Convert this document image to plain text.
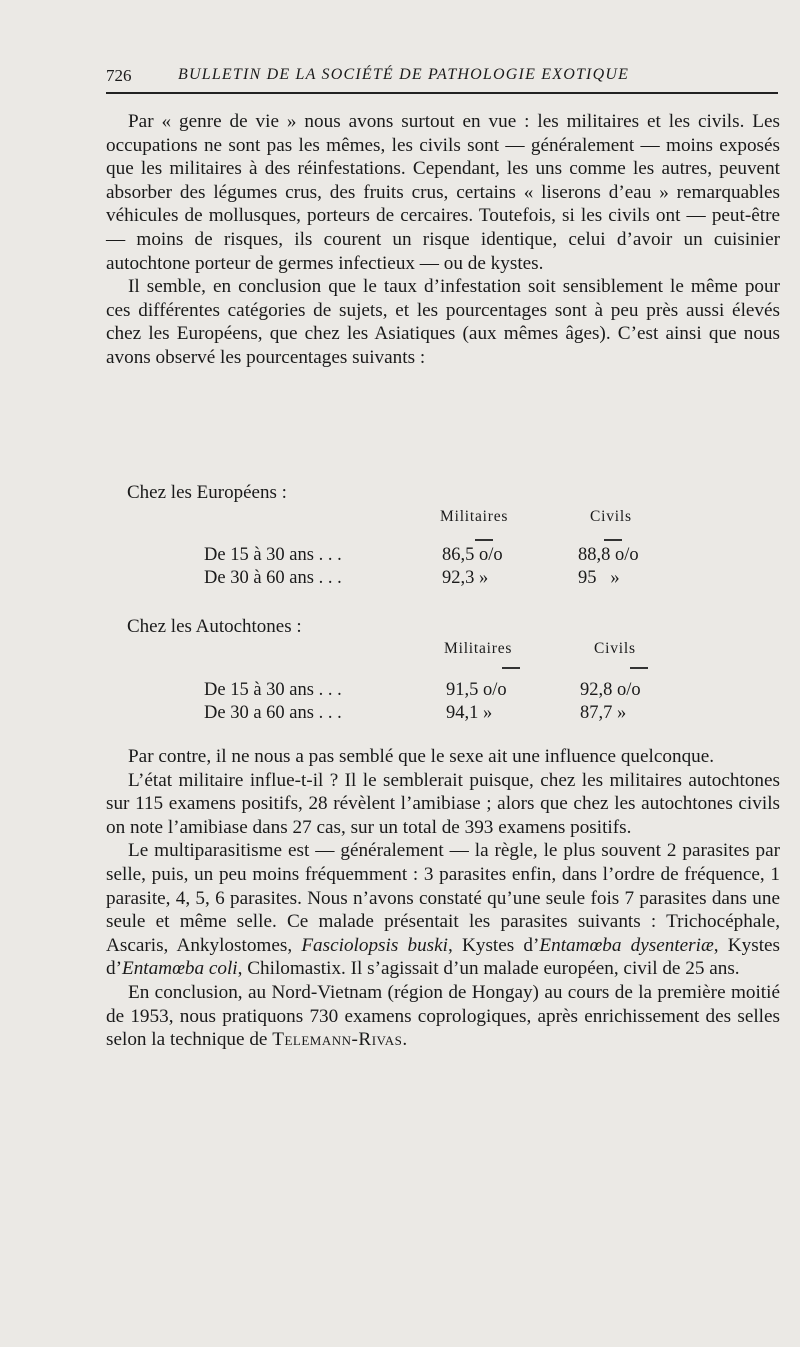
726	BULLETIN DE LA SOCIÉTÉ DE PATHOLOGIE EXOTIQUE

Par « genre de vie » nous avons surtout en vue : les militaires et les civils. Les occupations ne sont pas les mêmes, les civils sont — généralement — moins exposés que les militaires à des réinfestations. Cependant, les uns comme les autres, peuvent absorber des légumes crus, des fruits crus, certains « liserons d’eau » remarquables véhicules de mollusques, porteurs de cercaires. Toutefois, si les civils ont — peut-être — moins de risques, ils courent un risque identique, celui d’avoir un cuisinier autochtone porteur de germes infectieux — ou de kystes.

Il semble, en conclusion que le taux d’infestation soit sensiblement le même pour ces différentes catégories de sujets, et les pourcentages sont à peu près aussi élevés chez les Européens, que chez les Asiatiques (aux mêmes âges). C’est ainsi que nous avons observé les pourcentages suivants :

Chez les Européens :
Militaires	Civils
De 15 à 30 ans . . .	86,5 o/o	88,8 o/o
De 30 à 60 ans . . .	92,3 »	95   »
Chez les Autochtones :
Militaires	Civils
De 15 à 30 ans . . .	91,5 o/o	92,8 o/o
De 30 a 60 ans . . .	94,1 »	87,7 »

Par contre, il ne nous a pas semblé que le sexe ait une influence quelconque.

L’état militaire influe-t-il ? Il le semblerait puisque, chez les militaires autochtones sur 115 examens positifs, 28 révèlent l’amibiase ; alors que chez les autochtones civils on note l’amibiase dans 27 cas, sur un total de 393 examens positifs.

Le multiparasitisme est — généralement — la règle, le plus souvent 2 parasites par selle, puis, un peu moins fréquemment : 3 parasites enfin, dans l’ordre de fréquence, 1 parasite, 4, 5, 6 parasites. Nous n’avons constaté qu’une seule fois 7 parasites dans une seule et même selle. Ce malade présentait les parasites suivants : Trichocéphale, Ascaris, Ankylostomes, Fasciolopsis buski, Kystes d’Entamœba dysenteriæ, Kystes d’Entamœba coli, Chilomastix. Il s’agissait d’un malade européen, civil de 25 ans.

En conclusion, au Nord-Vietnam (région de Hongay) au cours de la première moitié de 1953, nous pratiquons 730 examens coprologiques, après enrichissement des selles selon la technique de Telemann-Rivas.
